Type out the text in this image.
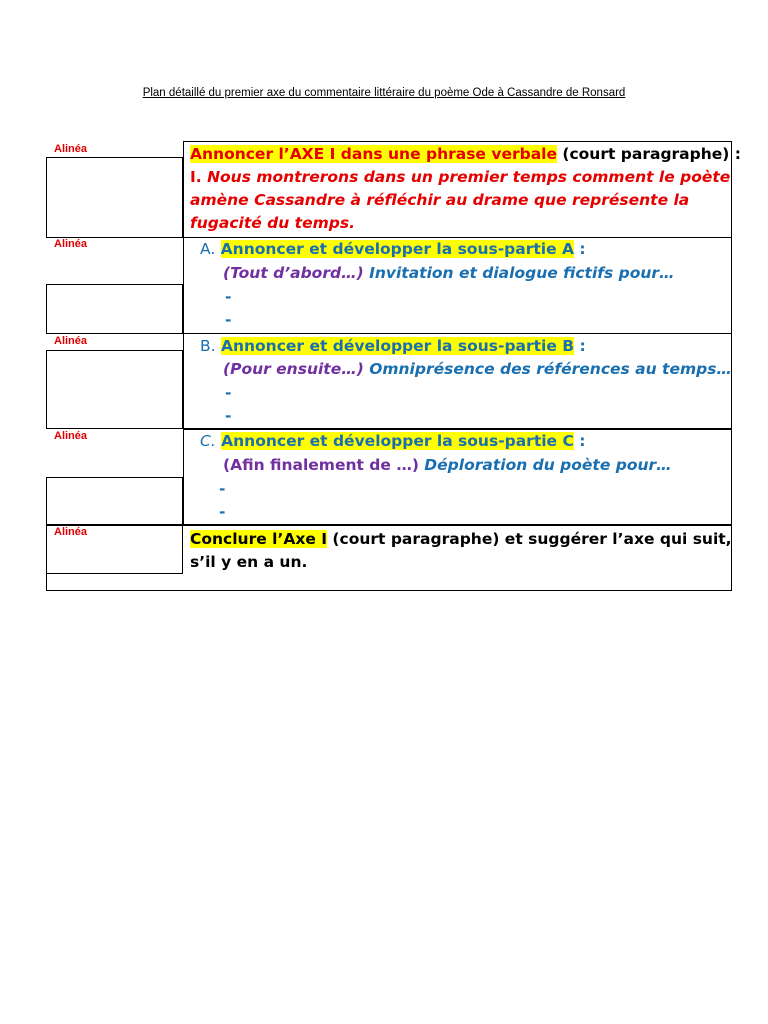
Plan détaillé du premier axe du commentaire littéraire du poème Ode à Cassandre de Ronsard
Alinéa	Annoncer l’AXE I dans une phrase verbale (court paragraphe) :
I. Nous montrerons dans un premier temps comment le poète
amène Cassandre à réfléchir au drame que représente la
fugacité du temps.
Alinéa	A. Annoncer et développer la sous-partie A :
(Tout d’abord…) Invitation et dialogue fictifs pour…
-
-
Alinéa	B. Annoncer et développer la sous-partie B :
(Pour ensuite…) Omniprésence des références au temps…
-
-
Alinéa	C. Annoncer et développer la sous-partie C :
(Afin finalement de …) Déploration du poète pour…
-
-
Alinéa	Conclure l’Axe I (court paragraphe) et suggérer l’axe qui suit,
s’il y en a un.
